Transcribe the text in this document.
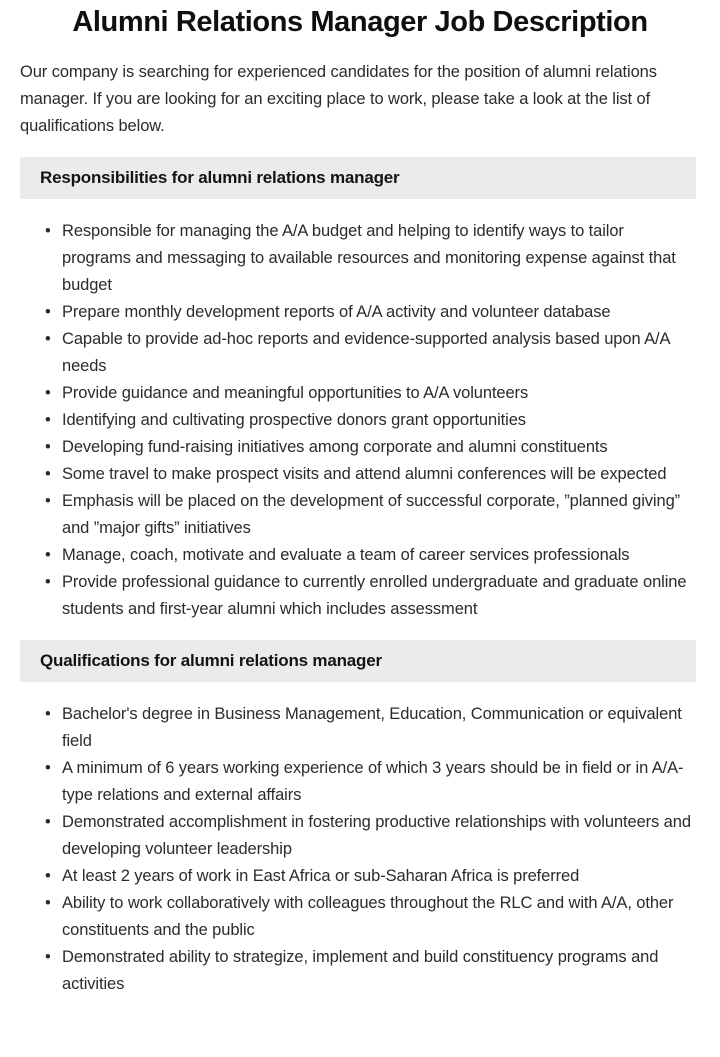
Alumni Relations Manager Job Description

Our company is searching for experienced candidates for the position of alumni relations manager. If you are looking for an exciting place to work, please take a look at the list of qualifications below.

Responsibilities for alumni relations manager
• Responsible for managing the A/A budget and helping to identify ways to tailor programs and messaging to available resources and monitoring expense against that budget
• Prepare monthly development reports of A/A activity and volunteer database
• Capable to provide ad-hoc reports and evidence-supported analysis based upon A/A needs
• Provide guidance and meaningful opportunities to A/A volunteers
• Identifying and cultivating prospective donors grant opportunities
• Developing fund-raising initiatives among corporate and alumni constituents
• Some travel to make prospect visits and attend alumni conferences will be expected
• Emphasis will be placed on the development of successful corporate, ”planned giving” and ”major gifts” initiatives
• Manage, coach, motivate and evaluate a team of career services professionals
• Provide professional guidance to currently enrolled undergraduate and graduate online students and first-year alumni which includes assessment
Qualifications for alumni relations manager
• Bachelor's degree in Business Management, Education, Communication or equivalent field
• A minimum of 6 years working experience of which 3 years should be in field or in A/A-type relations and external affairs
• Demonstrated accomplishment in fostering productive relationships with volunteers and developing volunteer leadership
• At least 2 years of work in East Africa or sub-Saharan Africa is preferred
• Ability to work collaboratively with colleagues throughout the RLC and with A/A, other constituents and the public
• Demonstrated ability to strategize, implement and build constituency programs and activities
